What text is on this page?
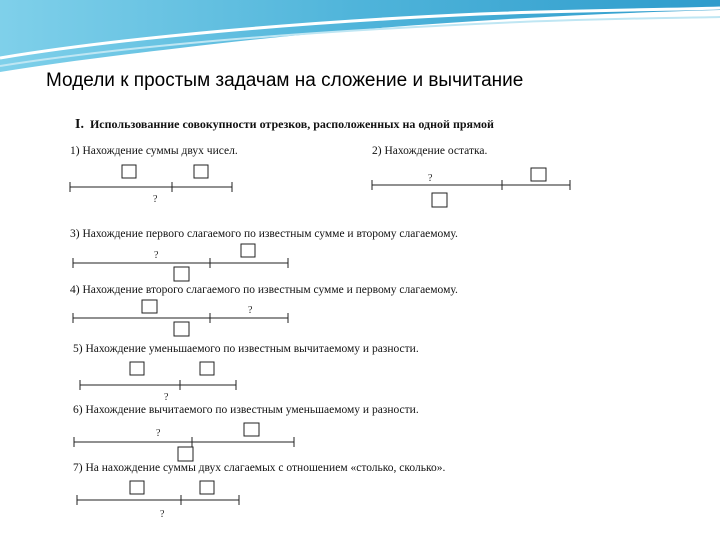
Модели к простым задачам на сложение и вычитание
I. Использованние совокупности отрезков, расположенных на одной прямой
1) Нахождение суммы двух чисел.	2) Нахождение остатка.
3) Нахождение первого слагаемого по известным сумме и второму слагаемому.
4) Нахождение второго слагаемого по известным сумме и первому слагаемому.
5) Нахождение уменьшаемого по известным вычитаемому и разности.
6) Нахождение вычитаемого по известным уменьшаемому и разности.
7) На нахождение суммы двух слагаемых с отношением «столько, сколько».
?
?
?
?
?
?
?
